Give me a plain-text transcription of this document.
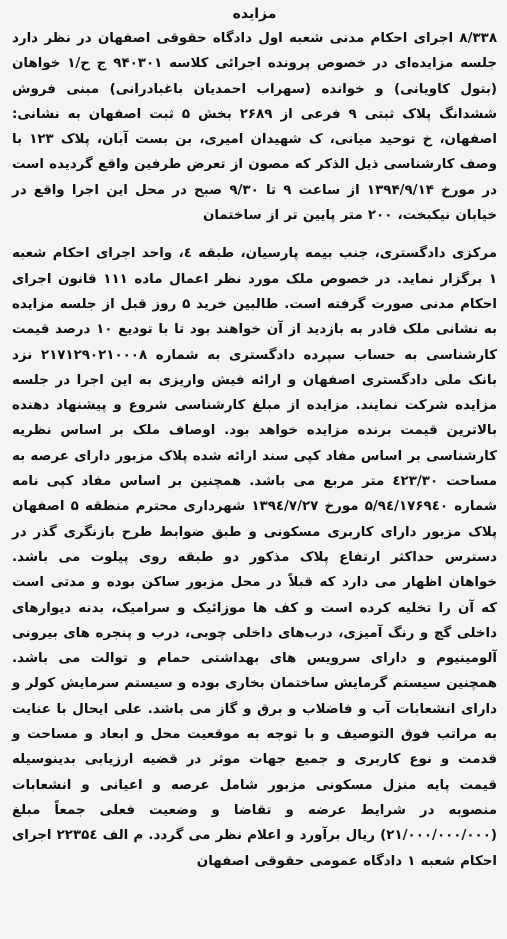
مزایده

۸/۳۳۸ اجرای احکام مدنی شعبه اول دادگاه حقوقی اصفهان در نظر دارد جلسه مزایده‌ای در خصوص پرونده اجرائی کلاسه ۹۴۰۳۰۱ ج ح/۱ خواهان (بتول کاویانی) و خوانده (سهراب احمدیان باغبادرانی) مبنی فروش ششدانگ پلاک ثبتی ۹ فرعی از ۲۶۸۹ بخش ۵ ثبت اصفهان به نشانی: اصفهان، خ توحید میانی، ک شهیدان امیری، بن بست آبان، پلاک ۱۲۳ با وصف کارشناسی ذیل الذکر که مصون از تعرض طرفین واقع گردیده است در مورخ ۱۳۹۴/۹/۱۴ از ساعت ۹ تا ۹/۳۰ صبح در محل این اجرا واقع در خیابان نیکبخت، ۲۰۰ متر پایین تر از ساختمان

مرکزی دادگستری، جنب بیمه پارسیان، طبقه ٤، واحد اجرای احکام شعبه ۱ برگزار نماید. در خصوص ملک مورد نظر اعمال ماده ۱۱۱ قانون اجرای احکام مدنی صورت گرفته است. طالبین خرید ۵ روز قبل از جلسه مزایده به نشانی ملک قادر به بازدید از آن خواهند بود تا با تودیع ۱۰ درصد قیمت کارشناسی به حساب سپرده دادگستری به شماره ۲۱۷۱۲۹۰۲۱۰۰۰۸ نزد بانک ملی دادگستری اصفهان و ارائه فیش واریزی به این اجرا در جلسه مزایده شرکت نمایند. مزایده از مبلغ کارشناسی شروع و پیشنهاد دهنده بالاترین قیمت برنده مزایده خواهد بود. اوصاف ملک بر اساس نظریه کارشناسی بر اساس مفاد کپی سند ارائه شده پلاک مزبور دارای عرصه به مساحت ٤۲۳/۳۰ متر مربع می باشد. همچنین بر اساس مفاد کپی نامه شماره ۵/۹٤/۱۷۶۹٤۰ مورخ ۱۳۹٤/۷/۲۷ شهرداری محترم منطقه ۵ اصفهان پلاک مزبور دارای کاربری مسکونی و طبق ضوابط طرح بازنگری گذر در دسترس حداکثر ارتفاع پلاک مذکور دو طبقه روی پیلوت می باشد. خواهان اظهار می دارد که قبلاً در محل مزبور ساکن بوده و مدتی است که آن را تخلیه کرده است و کف ها موزائیک و سرامیک، بدنه دیوارهای داخلی گچ و رنگ آمیزی، درب‌های داخلی چوبی، درب و پنجره های بیرونی آلومینیوم و دارای سرویس های بهداشتی حمام و توالت می باشد. همچنین سیستم گرمایش ساختمان بخاری بوده و سیستم سرمایش کولر و دارای انشعابات آب و فاضلاب و برق و گاز می باشد. علی ایحال با عنایت به مراتب فوق التوصیف و با توجه به موقعیت محل و ابعاد و مساحت و قدمت و نوع کاربری و جمیع جهات موثر در قضیه ارزیابی بدینوسیله قیمت پایه منزل مسکونی مزبور شامل عرصه و اعیانی و انشعابات منصوبه در شرایط عرضه و تقاضا و وضعیت فعلی جمعاً مبلغ (۲۱/۰۰۰/۰۰۰/۰۰۰) ریال برآورد و اعلام نظر می گردد. م الف ۲۲۳۵٤ اجرای احکام شعبه ۱ دادگاه عمومی حقوقی اصفهان
